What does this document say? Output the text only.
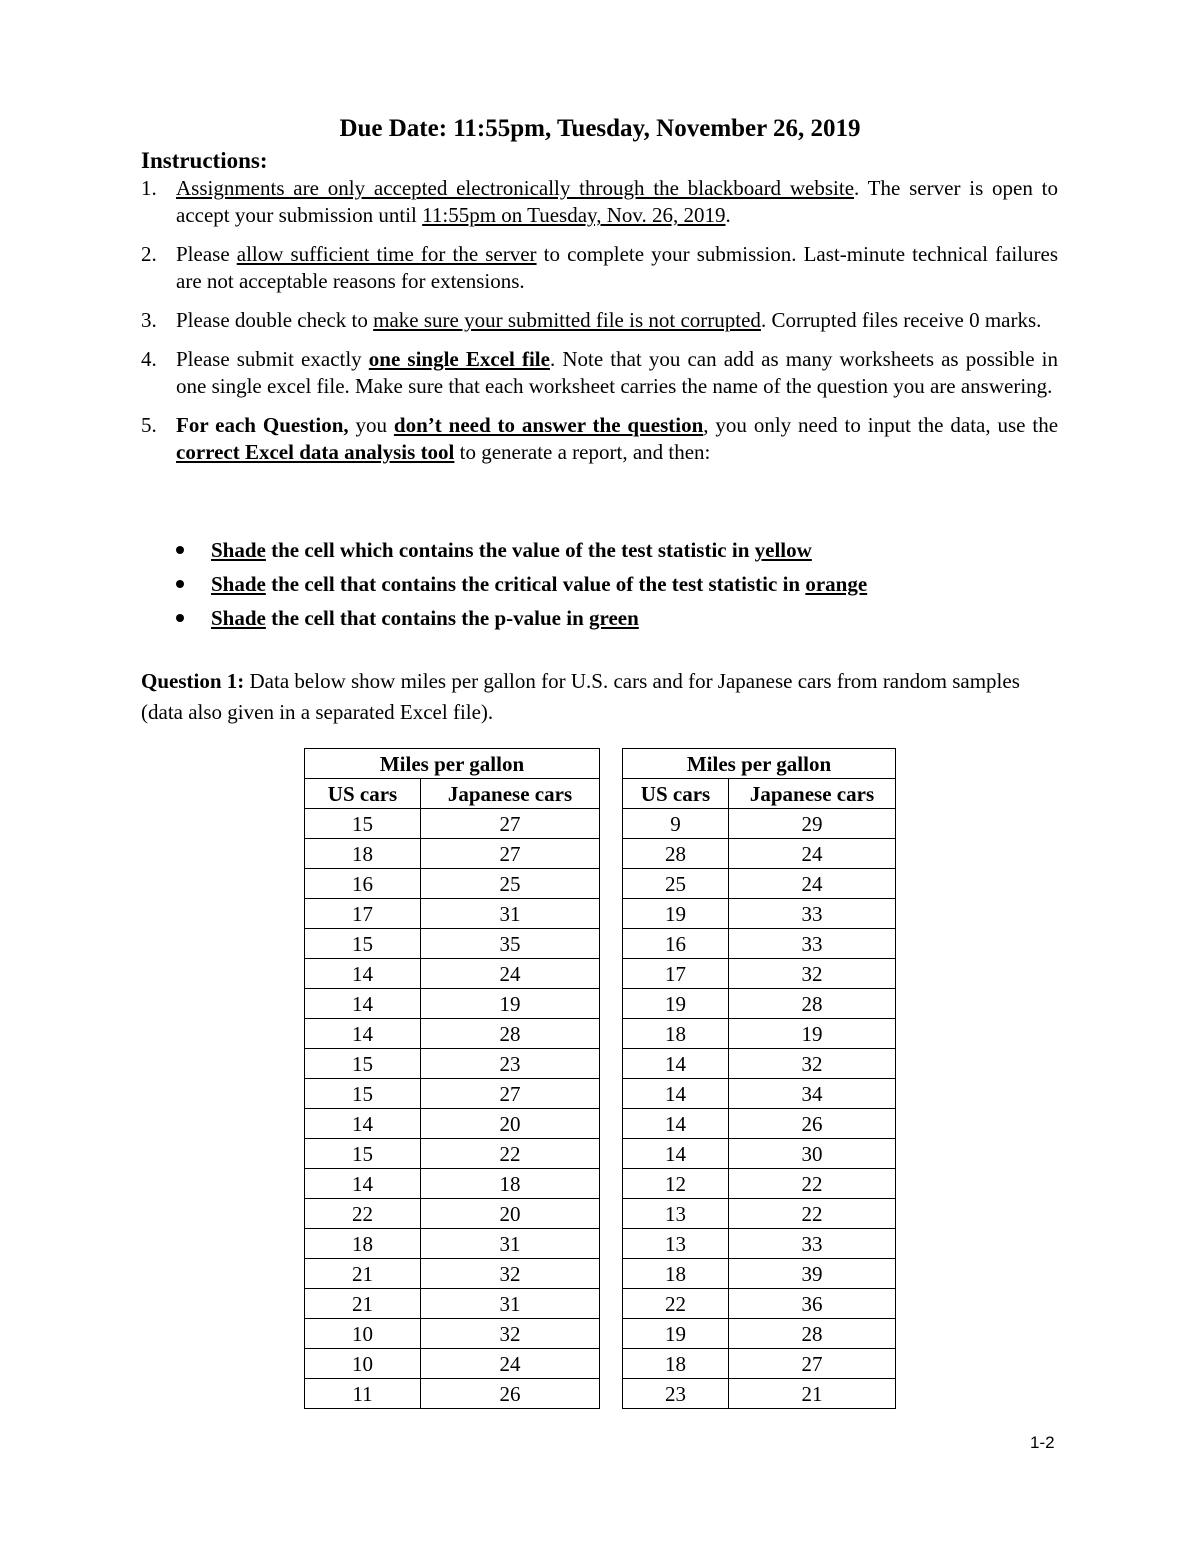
Due Date: 11:55pm, Tuesday, November 26, 2019
Instructions:
1. Assignments are only accepted electronically through the blackboard website. The server is open to accept your submission until 11:55pm on Tuesday, Nov. 26, 2019.
2. Please allow sufficient time for the server to complete your submission. Last-minute technical failures are not acceptable reasons for extensions.
3. Please double check to make sure your submitted file is not corrupted. Corrupted files receive 0 marks.
4. Please submit exactly one single Excel file. Note that you can add as many worksheets as possible in one single excel file. Make sure that each worksheet carries the name of the question you are answering.
5. For each Question, you don’t need to answer the question, you only need to input the data, use the correct Excel data analysis tool to generate a report, and then:
Shade the cell which contains the value of the test statistic in yellow
Shade the cell that contains the critical value of the test statistic in orange
Shade the cell that contains the p-value in green
Question 1: Data below show miles per gallon for U.S. cars and for Japanese cars from random samples (data also given in a separated Excel file).
Miles per gallon	
US cars	Japanese cars
15	27
18	27
16	25
17	31
15	35
14	24
14	19
14	28
15	23
15	27
14	20
15	22
14	18
22	20
18	31
21	32
21	31
10	32
10	24
11	26
Miles per gallon	
US cars	Japanese cars
9	29
28	24
25	24
19	33
16	33
17	32
19	28
18	19
14	32
14	34
14	26
14	30
12	22
13	22
13	33
18	39
22	36
19	28
18	27
23	21
1-2
